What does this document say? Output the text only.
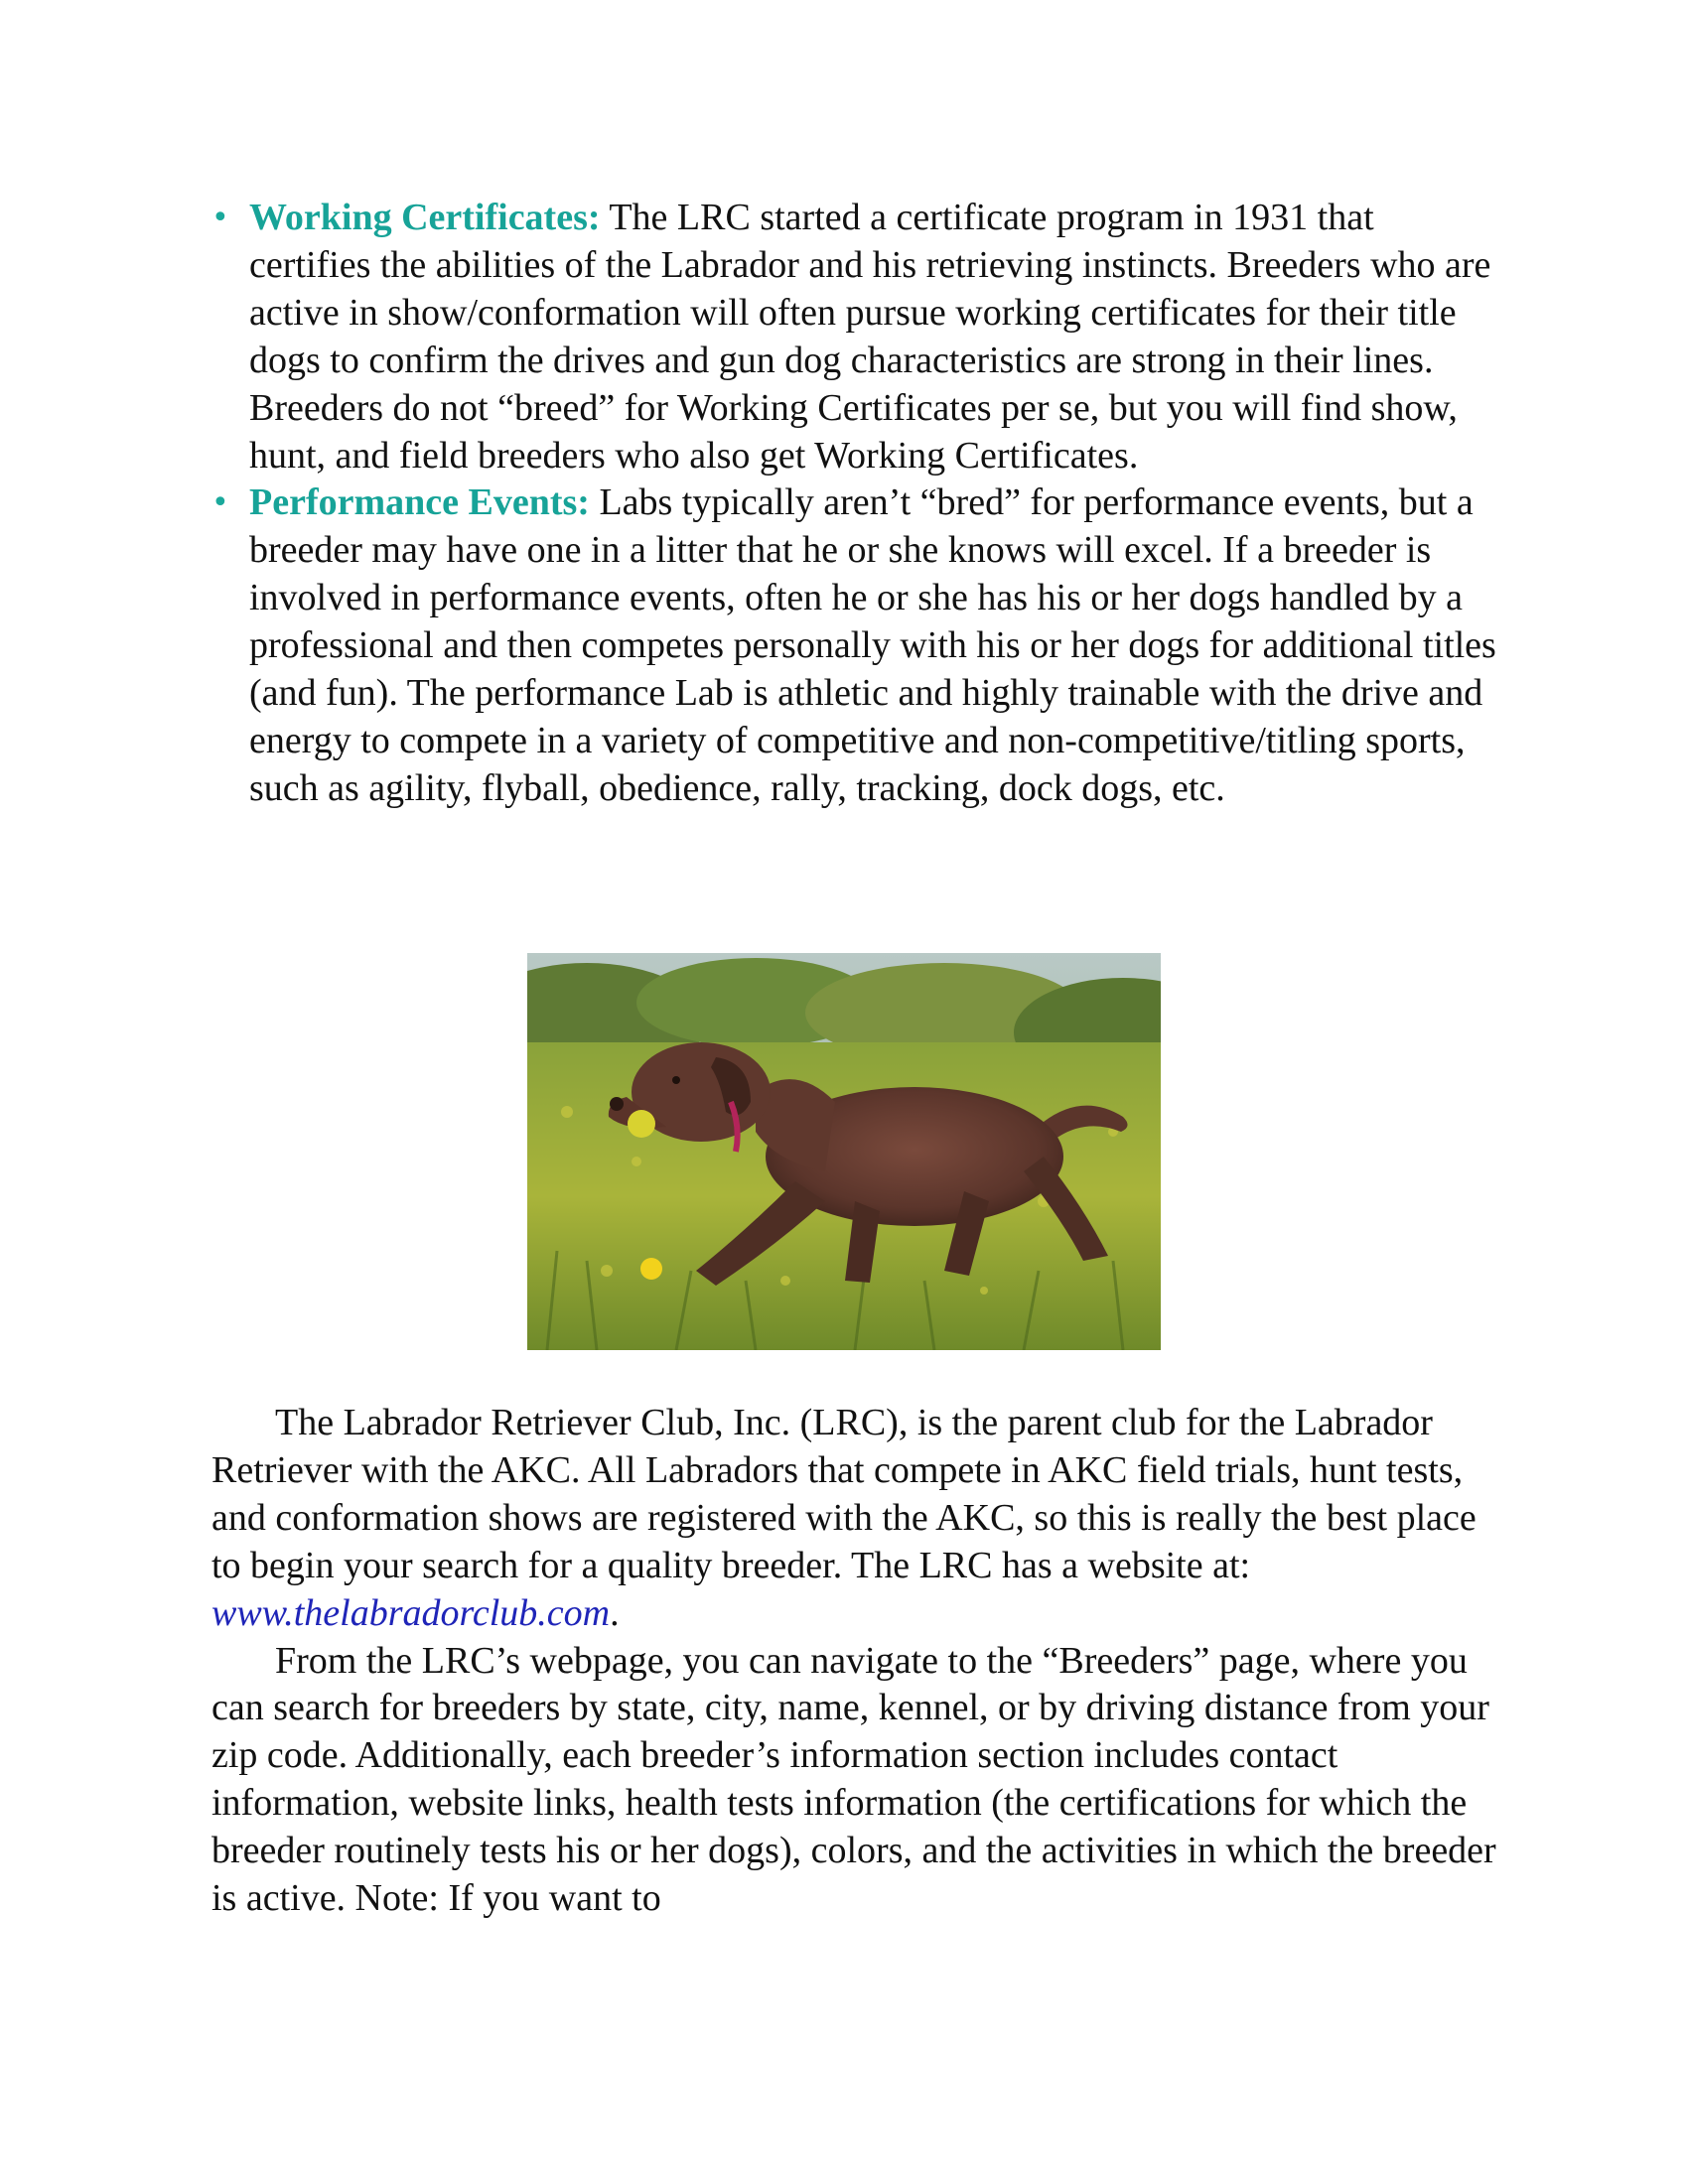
• Working Certificates: The LRC started a certificate program in 1931 that certifies the abilities of the Labrador and his retrieving instincts. Breeders who are active in show/conformation will often pursue working certificates for their title dogs to confirm the drives and gun dog characteristics are strong in their lines. Breeders do not “breed” for Working Certificates per se, but you will find show, hunt, and field breeders who also get Working Certificates.
• Performance Events: Labs typically aren’t “bred” for performance events, but a breeder may have one in a litter that he or she knows will excel. If a breeder is involved in performance events, often he or she has his or her dogs handled by a professional and then competes personally with his or her dogs for additional titles (and fun). The performance Lab is athletic and highly trainable with the drive and energy to compete in a variety of competitive and non-competitive/titling sports, such as agility, flyball, obedience, rally, tracking, dock dogs, etc.

The Labrador Retriever Club, Inc. (LRC), is the parent club for the Labrador Retriever with the AKC. All Labradors that compete in AKC field trials, hunt tests, and conformation shows are registered with the AKC, so this is really the best place to begin your search for a quality breeder. The LRC has a website at: www.thelabradorclub.com.

From the LRC’s webpage, you can navigate to the “Breeders” page, where you can search for breeders by state, city, name, kennel, or by driving distance from your zip code. Additionally, each breeder’s information section includes contact information, website links, health tests information (the certifications for which the breeder routinely tests his or her dogs), colors, and the activities in which the breeder is active. Note: If you want to
